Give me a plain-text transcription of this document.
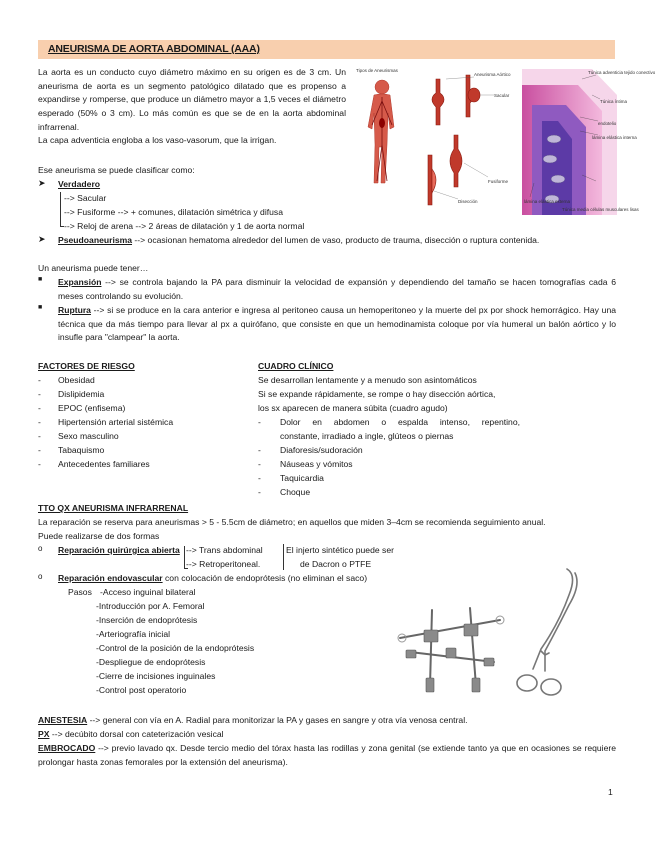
ANEURISMA DE AORTA ABDOMINAL (AAA)
La aorta es un conducto cuyo diámetro máximo en su origen es de 3 cm. Un aneurisma de aorta es un segmento patológico dilatado que es propenso a expandirse y romperse, que produce un diámetro mayor a 1,5 veces el diámetro esperado (50% o 3 cm). Lo más común es que se de en la aorta abdominal infrarrenal.
La capa adventicia engloba a los vaso-vasorum, que la irrigan.
Ese aneurisma se puede clasificar como:
Tipos de Aneurismas
Aneurisma Aórtico
Sacular
Fusiforme
Disección
Túnica adventicia tejido conectivo
Túnica íntima
endotelio
lámina elástica interna
lámina elástica externa
Túnica media células musculares lisas
➤ Verdadero
--> Sacular
--> Fusiforme --> + comunes, dilatación simétrica y difusa
--> Reloj de arena --> 2 áreas de dilatación y 1 de aorta normal
➤ Pseudoaneurisma --> ocasionan hematoma alrededor del lumen de vaso, producto de trauma, disección o ruptura contenida.
Un aneurisma puede tener…
■ Expansión --> se controla bajando la PA para disminuir la velocidad de expansión y dependiendo del tamaño se hacen tomografías cada 6 meses controlando su evolución.
■ Ruptura --> si se produce en la cara anterior e ingresa al peritoneo causa un hemoperitoneo y la muerte del px por shock hemorrágico. Hay una técnica que da más tiempo para llevar al px a quirófano, que consiste en que un hemodinamista coloque por vía humeral un balón aórtico y lo insufle para "clampear" la aorta.
FACTORES DE RIESGO
- Obesidad
- Dislipidemia
- EPOC (enfisema)
- Hipertensión arterial sistémica
- Sexo masculino
- Tabaquismo
- Antecedentes familiares
CUADRO CLÍNICO
Se desarrollan lentamente y a menudo son asintomáticos
Si se expande rápidamente, se rompe o hay disección aórtica,
los sx aparecen de manera súbita (cuadro agudo)
- Dolor en abdomen o espalda intenso, repentino,
constante, irradiado a ingle, glúteos o piernas
- Diaforesis/sudoración
- Náuseas y vómitos
- Taquicardia
- Choque
TTO QX ANEURISMA INFRARRENAL
La reparación se reserva para aneurismas > 5 - 5.5cm de diámetro; en aquellos que miden 3–4cm se recomienda seguimiento anual.
Puede realizarse de dos formas
o Reparación quirúrgica abierta --> Trans abdominal
--> Retroperitoneal.
El injerto sintético puede ser
de Dacron o PTFE
o Reparación endovascular con colocación de endoprótesis (no eliminan el saco)
Pasos -Acceso inguinal bilateral
-Introducción por A. Femoral
-Inserción de endoprótesis
-Arteriografía inicial
-Control de la posición de la endoprótesis
-Despliegue de endoprótesis
-Cierre de incisiones inguinales
-Control post operatorio
ANESTESIA --> general con vía en A. Radial para monitorizar la PA y gases en sangre y otra vía venosa central.
PX --> decúbito dorsal con cateterización vesical
EMBROCADO --> previo lavado qx. Desde tercio medio del tórax hasta las rodillas y zona genital (se extiende tanto ya que en ocasiones se requiere prolongar hasta zonas femorales por la extensión del aneurisma).
1
